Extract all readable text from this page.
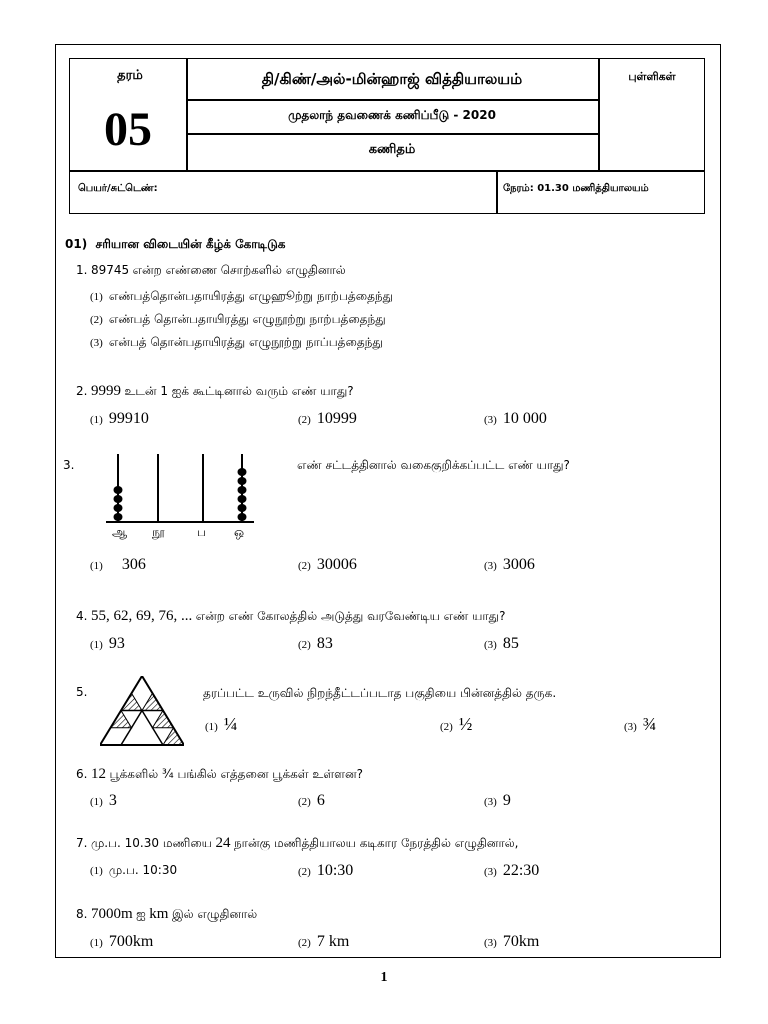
தரம்
05
தி/கிண்/அல்-மின்ஹாஜ் வித்தியாலயம்
முதலாந் தவணைக் கணிப்பீடு - 2020
கணிதம்
புள்ளிகள்
பெயர்/சுட்டெண்:	நேரம்: 01.30 மணித்தியாலயம்
01) சரியான விடையின் கீழ்க் கோடிடுக
1. 89745 என்ற எண்ணை சொற்களில் எழுதினால்
(1) எண்பத்தொன்பதாயிரத்து எழுஹூற்று நாற்பத்தைந்து
(2) எண்பத் தொன்பதாயிரத்து எழுநூற்று நாற்பத்தைந்து
(3) என்பத் தொன்பதாயிரத்து எழுநூற்று நாப்பத்தைந்து
2. 9999 உடன் 1 ஐக் கூட்டினால் வரும் எண் யாது?
(1) 99910	(2) 10999	(3) 10 000
3.
ஆ நூ	ப ஒ
எண் சட்டத்தினால் வகைகுறிக்கப்பட்ட எண் யாது?
(1) 306	(2) 30006	(3) 3006
4. 55, 62, 69, 76, ... என்ற எண் கோலத்தில் அடுத்து வரவேண்டிய எண் யாது?
(1) 93	(2) 83	(3) 85
5.	தரப்பட்ட உருவில் நிறந்தீட்டப்படாத பகுதியை பின்னத்தில் தருக.
(1) ¼	(2) ½	(3) ¾
6. 12 பூக்களில் ¾ பங்கில் எத்தனை பூக்கள் உள்ளன?
(1) 3	(2) 6	(3) 9
7. மு.ப. 10.30 மணியை 24 நான்கு மணித்தியாலய கடிகார நேரத்தில் எழுதினால்,
(1) மு.ப. 10:30	(2) 10:30	(3) 22:30
8. 7000m ஐ km இல் எழுதினால்
(1) 700km	(2) 7 km	(3) 70km
1
